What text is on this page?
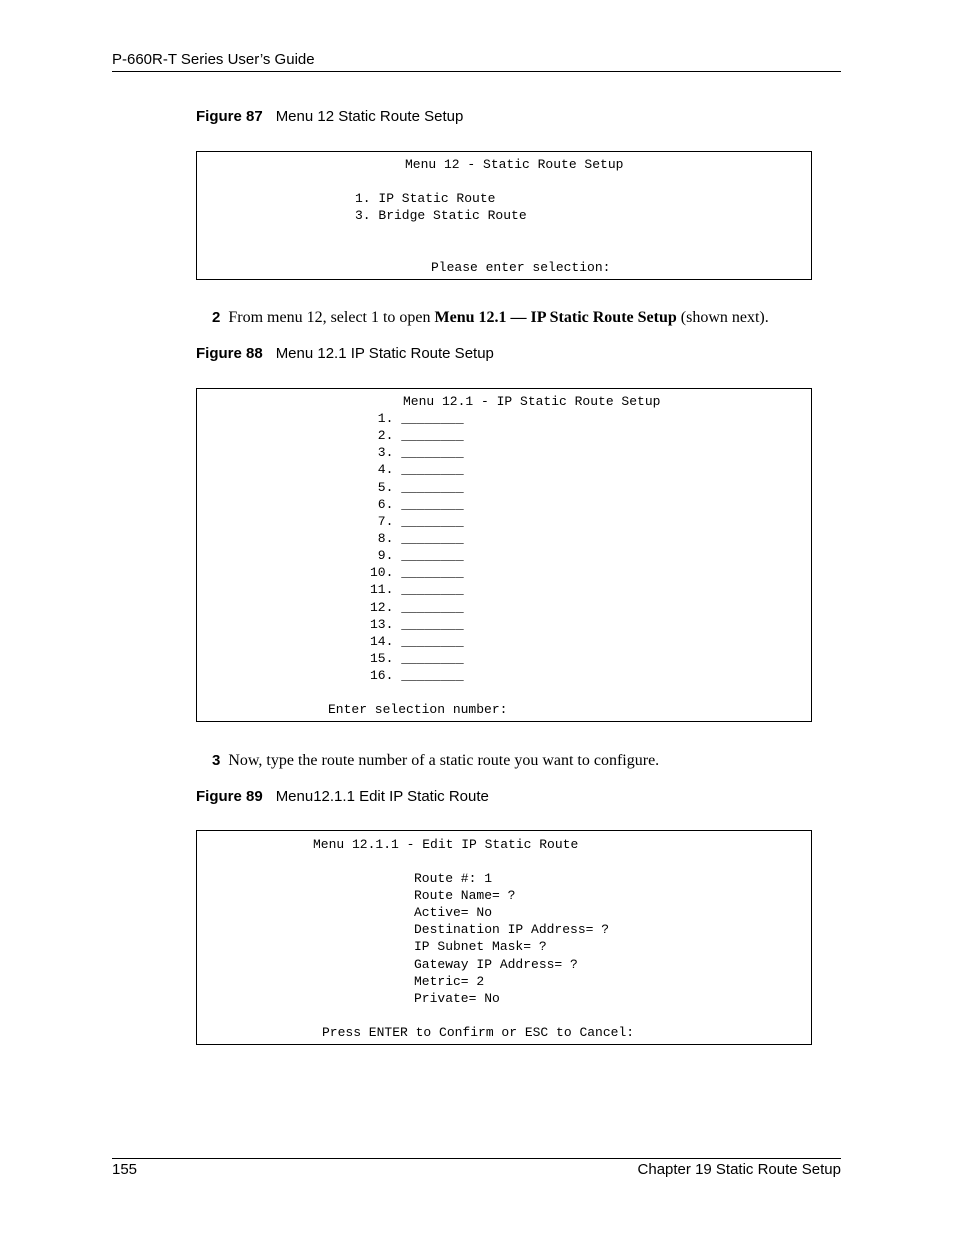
P-660R-T Series User’s Guide
Figure 87 Menu 12 Static Route Setup
Menu 12 - Static Route Setup
1. IP Static Route
3. Bridge Static Route
Please enter selection:
2 From menu 12, select 1 to open Menu 12.1 — IP Static Route Setup (shown next).
Figure 88 Menu 12.1 IP Static Route Setup
Menu 12.1 - IP Static Route Setup
1. ________
2. ________
3. ________
4. ________
5. ________
6. ________
7. ________
8. ________
9. ________
10. ________
11. ________
12. ________
13. ________
14. ________
15. ________
16. ________
Enter selection number:
3 Now, type the route number of a static route you want to configure.
Figure 89 Menu12.1.1 Edit IP Static Route
Menu 12.1.1 - Edit IP Static Route
Route #: 1
Route Name= ?
Active= No
Destination IP Address= ?
IP Subnet Mask= ?
Gateway IP Address= ?
Metric= 2
Private= No
Press ENTER to Confirm or ESC to Cancel:
155	Chapter 19 Static Route Setup
